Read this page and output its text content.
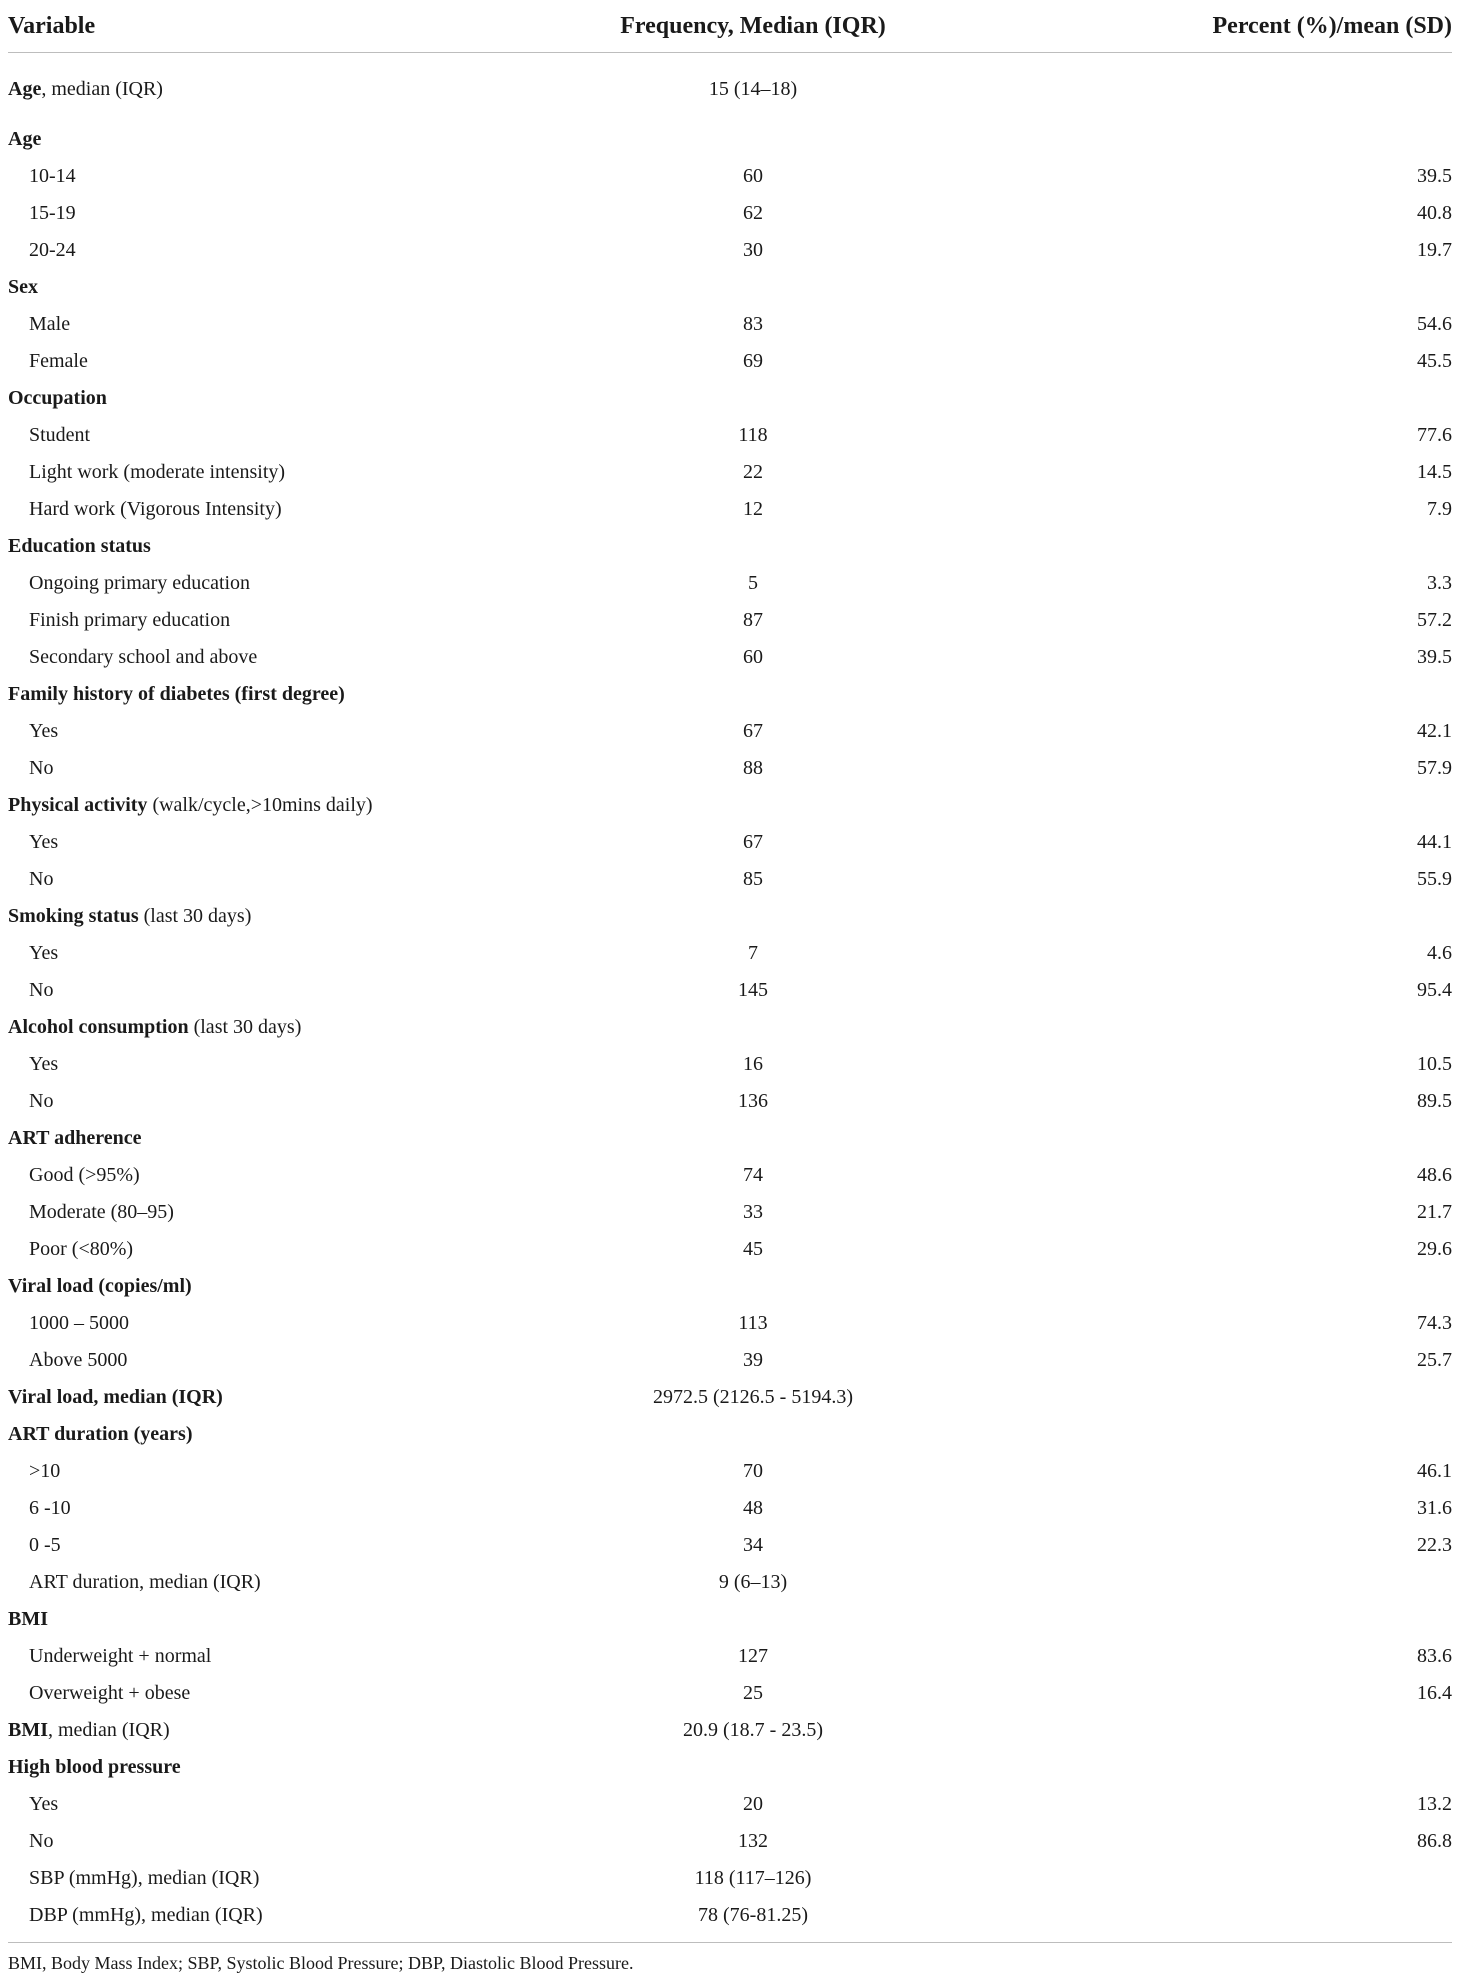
Variable	Frequency, Median (IQR)	Percent (%)/mean (SD)
Age, median (IQR)	15 (14–18)	
Age		
10-14	60	39.5
15-19	62	40.8
20-24	30	19.7
Sex		
Male	83	54.6
Female	69	45.5
Occupation		
Student	118	77.6
Light work (moderate intensity)	22	14.5
Hard work (Vigorous Intensity)	12	7.9
Education status		
Ongoing primary education	5	3.3
Finish primary education	87	57.2
Secondary school and above	60	39.5
Family history of diabetes (first degree)		
Yes	67	42.1
No	88	57.9
Physical activity (walk/cycle,>10mins daily)		
Yes	67	44.1
No	85	55.9
Smoking status (last 30 days)		
Yes	7	4.6
No	145	95.4
Alcohol consumption (last 30 days)		
Yes	16	10.5
No	136	89.5
ART adherence		
Good (>95%)	74	48.6
Moderate (80–95)	33	21.7
Poor (<80%)	45	29.6
Viral load (copies/ml)		
1000 – 5000	113	74.3
Above 5000	39	25.7
Viral load, median (IQR)	2972.5 (2126.5 - 5194.3)	
ART duration (years)		
>10	70	46.1
6 -10	48	31.6
0 -5	34	22.3
ART duration, median (IQR)	9 (6–13)	
BMI		
Underweight + normal	127	83.6
Overweight + obese	25	16.4
BMI, median (IQR)	20.9 (18.7 - 23.5)	
High blood pressure		
Yes	20	13.2
No	132	86.8
SBP (mmHg), median (IQR)	118 (117–126)	
DBP (mmHg), median (IQR)	78 (76-81.25)	
BMI, Body Mass Index; SBP, Systolic Blood Pressure; DBP, Diastolic Blood Pressure.
